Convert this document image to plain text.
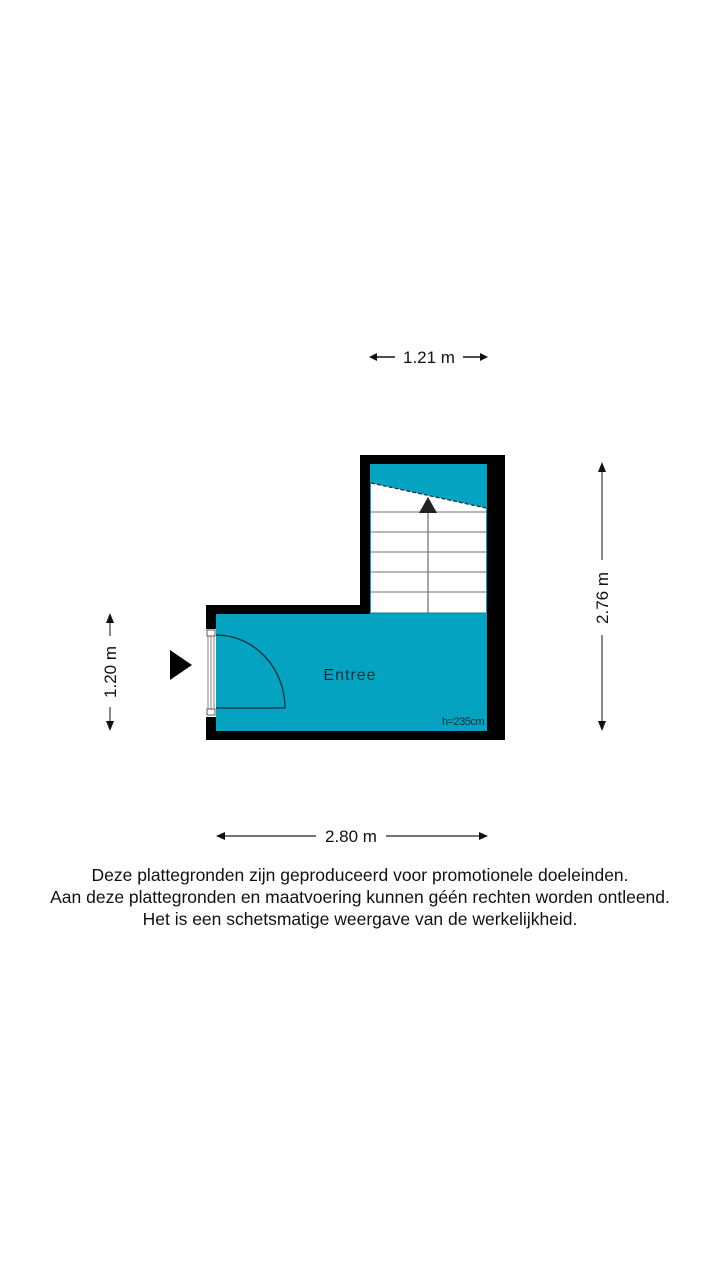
1.21 m
Entree
h=235cm
2.76 m
1.20 m
2.80 m
Deze plattegronden zijn geproduceerd voor promotionele doeleinden.
Aan deze plattegronden en maatvoering kunnen géén rechten worden ontleend.
Het is een schetsmatige weergave van de werkelijkheid.
